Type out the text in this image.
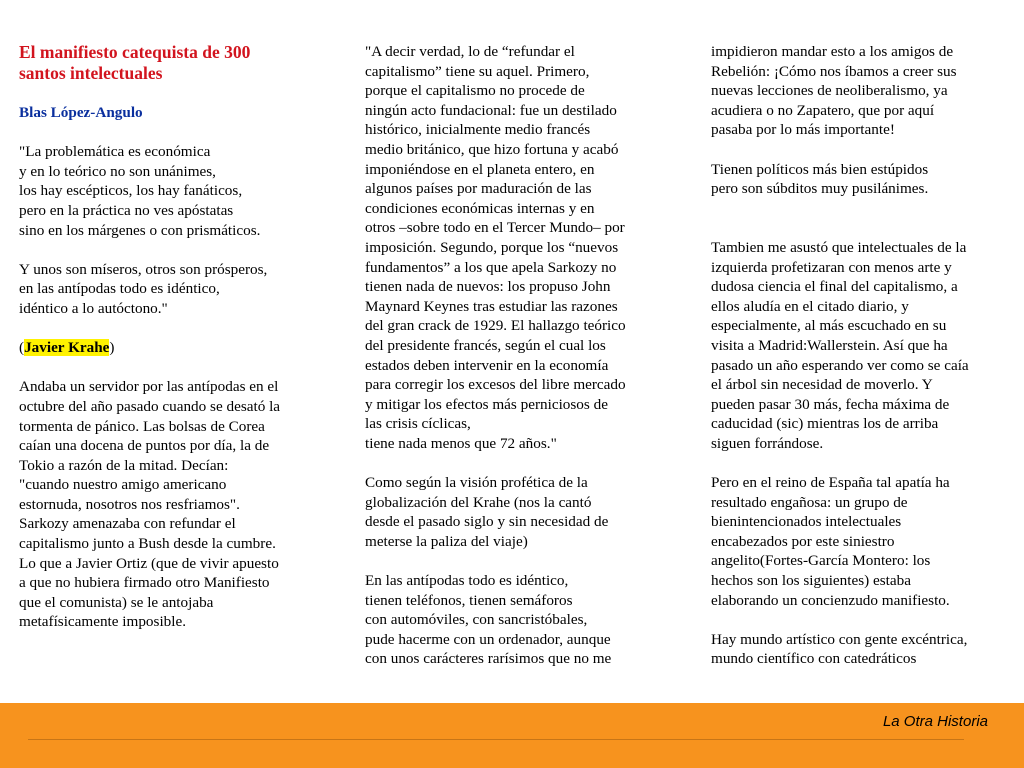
El manifiesto catequista de 300
santos intelectuales
Blas López-Angulo
"La problemática es económica
y en lo teórico no son unánimes,
los hay escépticos, los hay fanáticos,
pero en la práctica no ves apóstatas
sino en los márgenes o con prismáticos.
Y unos son míseros, otros son prósperos,
en las antípodas todo es idéntico,
idéntico a lo autóctono."
(Javier Krahe)
Andaba un servidor por las antípodas en el
octubre del año pasado cuando se desató la
tormenta de pánico. Las bolsas de Corea
caían una docena de puntos por día, la de
Tokio a razón de la mitad. Decían:
"cuando nuestro amigo americano
estornuda, nosotros nos resfriamos".
Sarkozy amenazaba con refundar el
capitalismo junto a Bush desde la cumbre.
Lo que a Javier Ortiz (que de vivir apuesto
a que no hubiera firmado otro Manifiesto
que el comunista) se le antojaba
metafísicamente imposible.
"A decir verdad, lo de “refundar el
capitalismo” tiene su aquel. Primero,
porque el capitalismo no procede de
ningún acto fundacional: fue un destilado
histórico, inicialmente medio francés
medio británico, que hizo fortuna y acabó
imponiéndose en el planeta entero, en
algunos países por maduración de las
condiciones económicas internas y en
otros –sobre todo en el Tercer Mundo– por
imposición. Segundo, porque los “nuevos
fundamentos” a los que apela Sarkozy no
tienen nada de nuevos: los propuso John
Maynard Keynes tras estudiar las razones
del gran crack de 1929. El hallazgo teórico
del presidente francés, según el cual los
estados deben intervenir en la economía
para corregir los excesos del libre mercado
y mitigar los efectos más perniciosos de
las crisis cíclicas,
tiene nada menos que 72 años."
Como según la visión profética de la
globalización del Krahe (nos la cantó
desde el pasado siglo y sin necesidad de
meterse la paliza del viaje)
En las antípodas todo es idéntico,
tienen teléfonos, tienen semáforos
con automóviles, con sancristóbales,
pude hacerme con un ordenador, aunque
con unos carácteres rarísimos que no me
impidieron mandar esto a los amigos de
Rebelión: ¡Cómo nos íbamos a creer sus
nuevas lecciones de neoliberalismo, ya
acudiera o no Zapatero, que por aquí
pasaba por lo más importante!
Tienen políticos más bien estúpidos
pero son súbditos muy pusilánimes.
Tambien me asustó que intelectuales de la
izquierda profetizaran con menos arte y
dudosa ciencia el final del capitalismo, a
ellos aludía en el citado diario, y
especialmente, al más escuchado en su
visita a Madrid:Wallerstein. Así que ha
pasado un año esperando ver como se caía
el árbol sin necesidad de moverlo. Y
pueden pasar 30 más, fecha máxima de
caducidad (sic) mientras los de arriba
siguen forrándose.
Pero en el reino de España tal apatía ha
resultado engañosa: un grupo de
bienintencionados intelectuales
encabezados por este siniestro
angelito(Fortes-García Montero: los
hechos son los siguientes) estaba
elaborando un concienzudo manifiesto.
Hay mundo artístico con gente excéntrica,
mundo científico con catedráticos
La Otra Historia
